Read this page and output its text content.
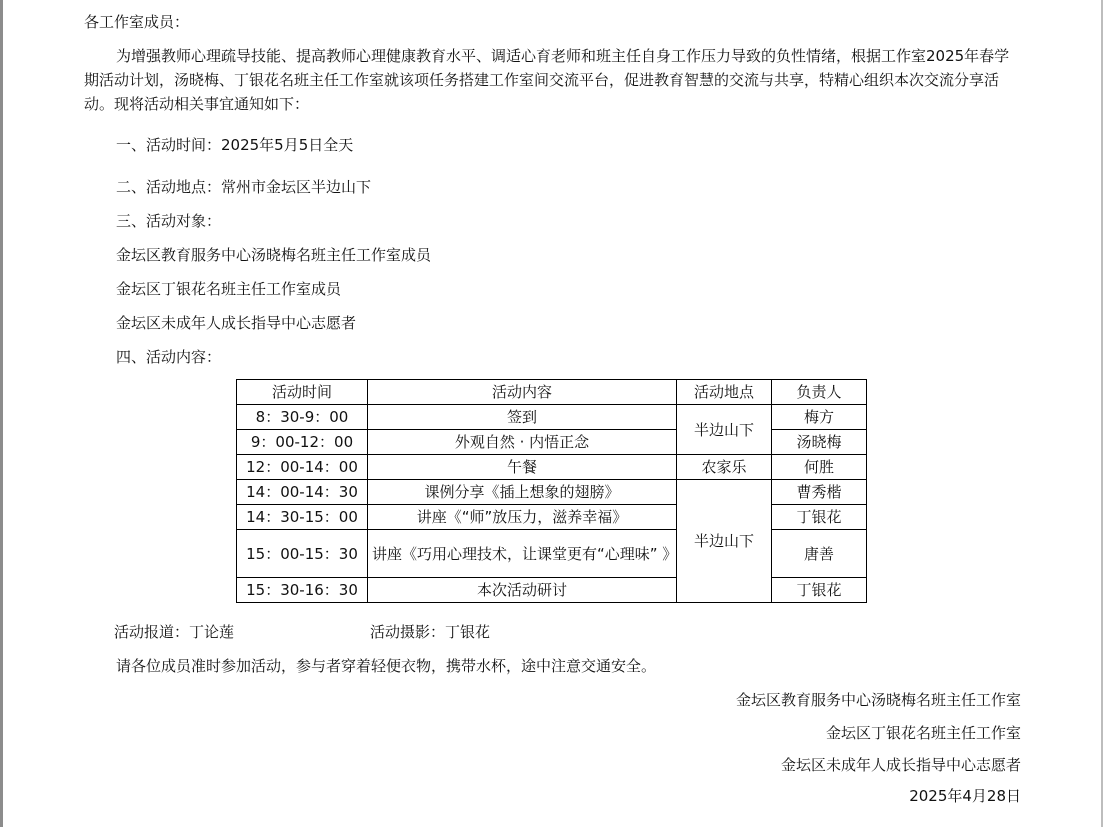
各工作室成员：
为增强教师心理疏导技能、提高教师心理健康教育水平、调适心育老师和班主任自身工作压力导致的负性情绪，根据工作室2025年春学期活动计划，汤晓梅、丁银花名班主任工作室就该项任务搭建工作室间交流平台，促进教育智慧的交流与共享，特精心组织本次交流分享活动。现将活动相关事宜通知如下：
一、活动时间：2025年5月5日全天
二、活动地点：常州市金坛区半边山下
三、活动对象：
金坛区教育服务中心汤晓梅名班主任工作室成员
金坛区丁银花名班主任工作室成员
金坛区未成年人成长指导中心志愿者
四、活动内容：
活动时间	活动内容	活动地点	负责人
8：30-9：00	签到	半边山下	梅方
9：00-12：00	外观自然 · 内悟正念		汤晓梅
12：00-14：00	午餐	农家乐	何胜
14：00-14：30	课例分享《插上想象的翅膀》	半边山下	曹秀楷
14：30-15：00	讲座《“师”放压力，滋养幸福》		丁银花
15：00-15：30	讲座《巧用心理技术，让课堂更有“心理味” 》		唐善
15：30-16：30	本次活动研讨		丁银花
活动报道：丁论莲	活动摄影：丁银花
请各位成员准时参加活动，参与者穿着轻便衣物，携带水杯，途中注意交通安全。
金坛区教育服务中心汤晓梅名班主任工作室
金坛区丁银花名班主任工作室
金坛区未成年人成长指导中心志愿者
2025年4月28日
